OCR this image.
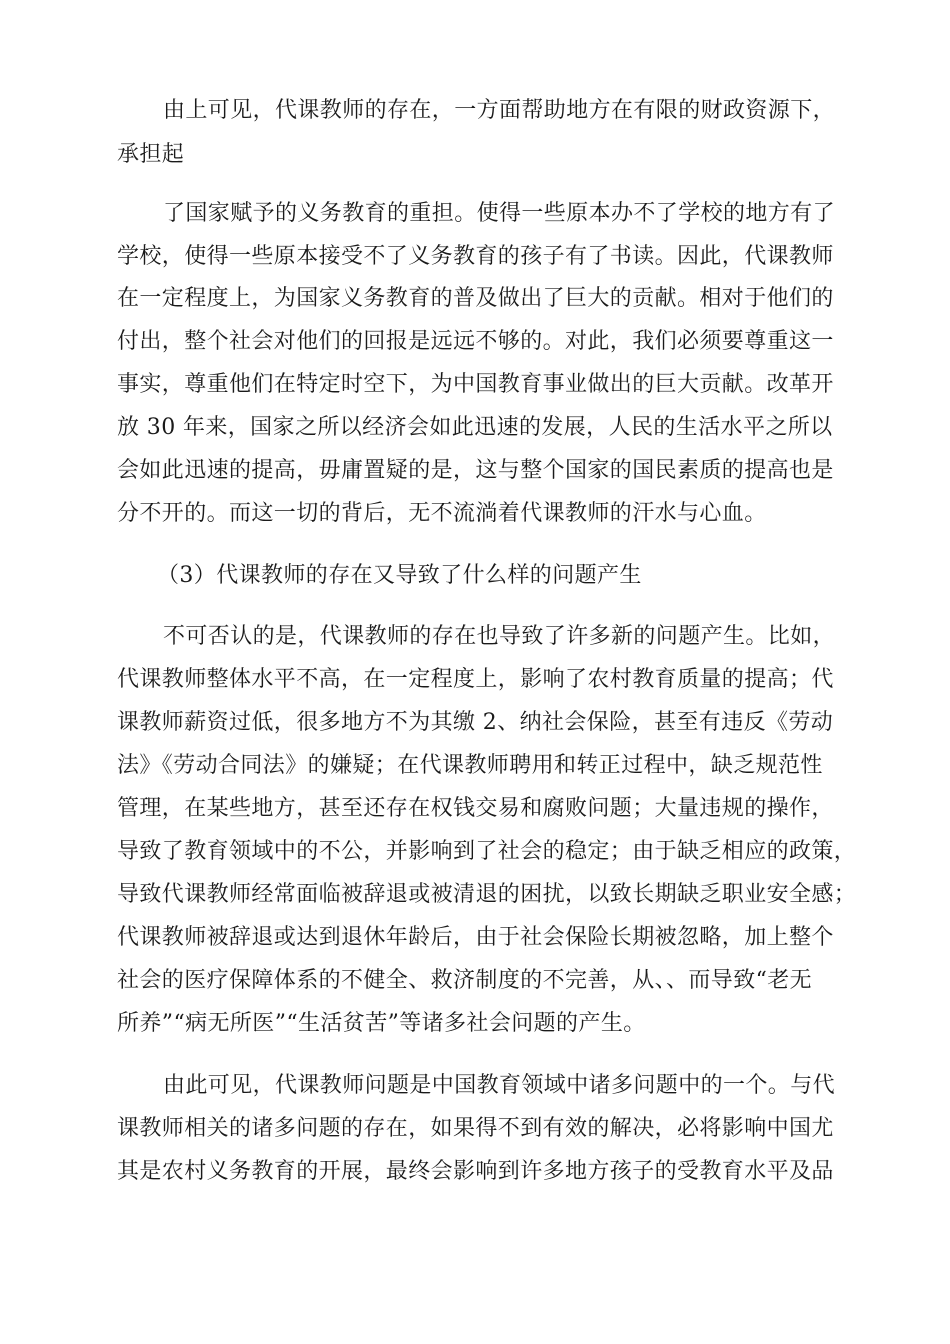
由上可见，代课教师的存在，一方面帮助地方在有限的财政资源下，
承担起
了国家赋予的义务教育的重担。使得一些原本办不了学校的地方有了
学校，使得一些原本接受不了义务教育的孩子有了书读。因此，代课教师
在一定程度上，为国家义务教育的普及做出了巨大的贡献。相对于他们的
付出，整个社会对他们的回报是远远不够的。对此，我们必须要尊重这一
事实，尊重他们在特定时空下，为中国教育事业做出的巨大贡献。改革开
放 30 年来，国家之所以经济会如此迅速的发展，人民的生活水平之所以
会如此迅速的提高，毋庸置疑的是，这与整个国家的国民素质的提高也是
分不开的。而这一切的背后，无不流淌着代课教师的汗水与心血。
（3）代课教师的存在又导致了什么样的问题产生
不可否认的是，代课教师的存在也导致了许多新的问题产生。比如，
代课教师整体水平不高，在一定程度上，影响了农村教育质量的提高；代
课教师薪资过低，很多地方不为其缴 2、纳社会保险，甚至有违反《劳动
法》《劳动合同法》的嫌疑；在代课教师聘用和转正过程中，缺乏规范性
管理，在某些地方，甚至还存在权钱交易和腐败问题；大量违规的操作，
导致了教育领域中的不公，并影响到了社会的稳定；由于缺乏相应的政策，
导致代课教师经常面临被辞退或被清退的困扰，以致长期缺乏职业安全感；
代课教师被辞退或达到退休年龄后，由于社会保险长期被忽略，加上整个
社会的医疗保障体系的不健全、救济制度的不完善，从、、而导致“老无
所养”“病无所医”“生活贫苦”等诸多社会问题的产生。
由此可见，代课教师问题是中国教育领域中诸多问题中的一个。与代
课教师相关的诸多问题的存在，如果得不到有效的解决，必将影响中国尤
其是农村义务教育的开展，最终会影响到许多地方孩子的受教育水平及品
